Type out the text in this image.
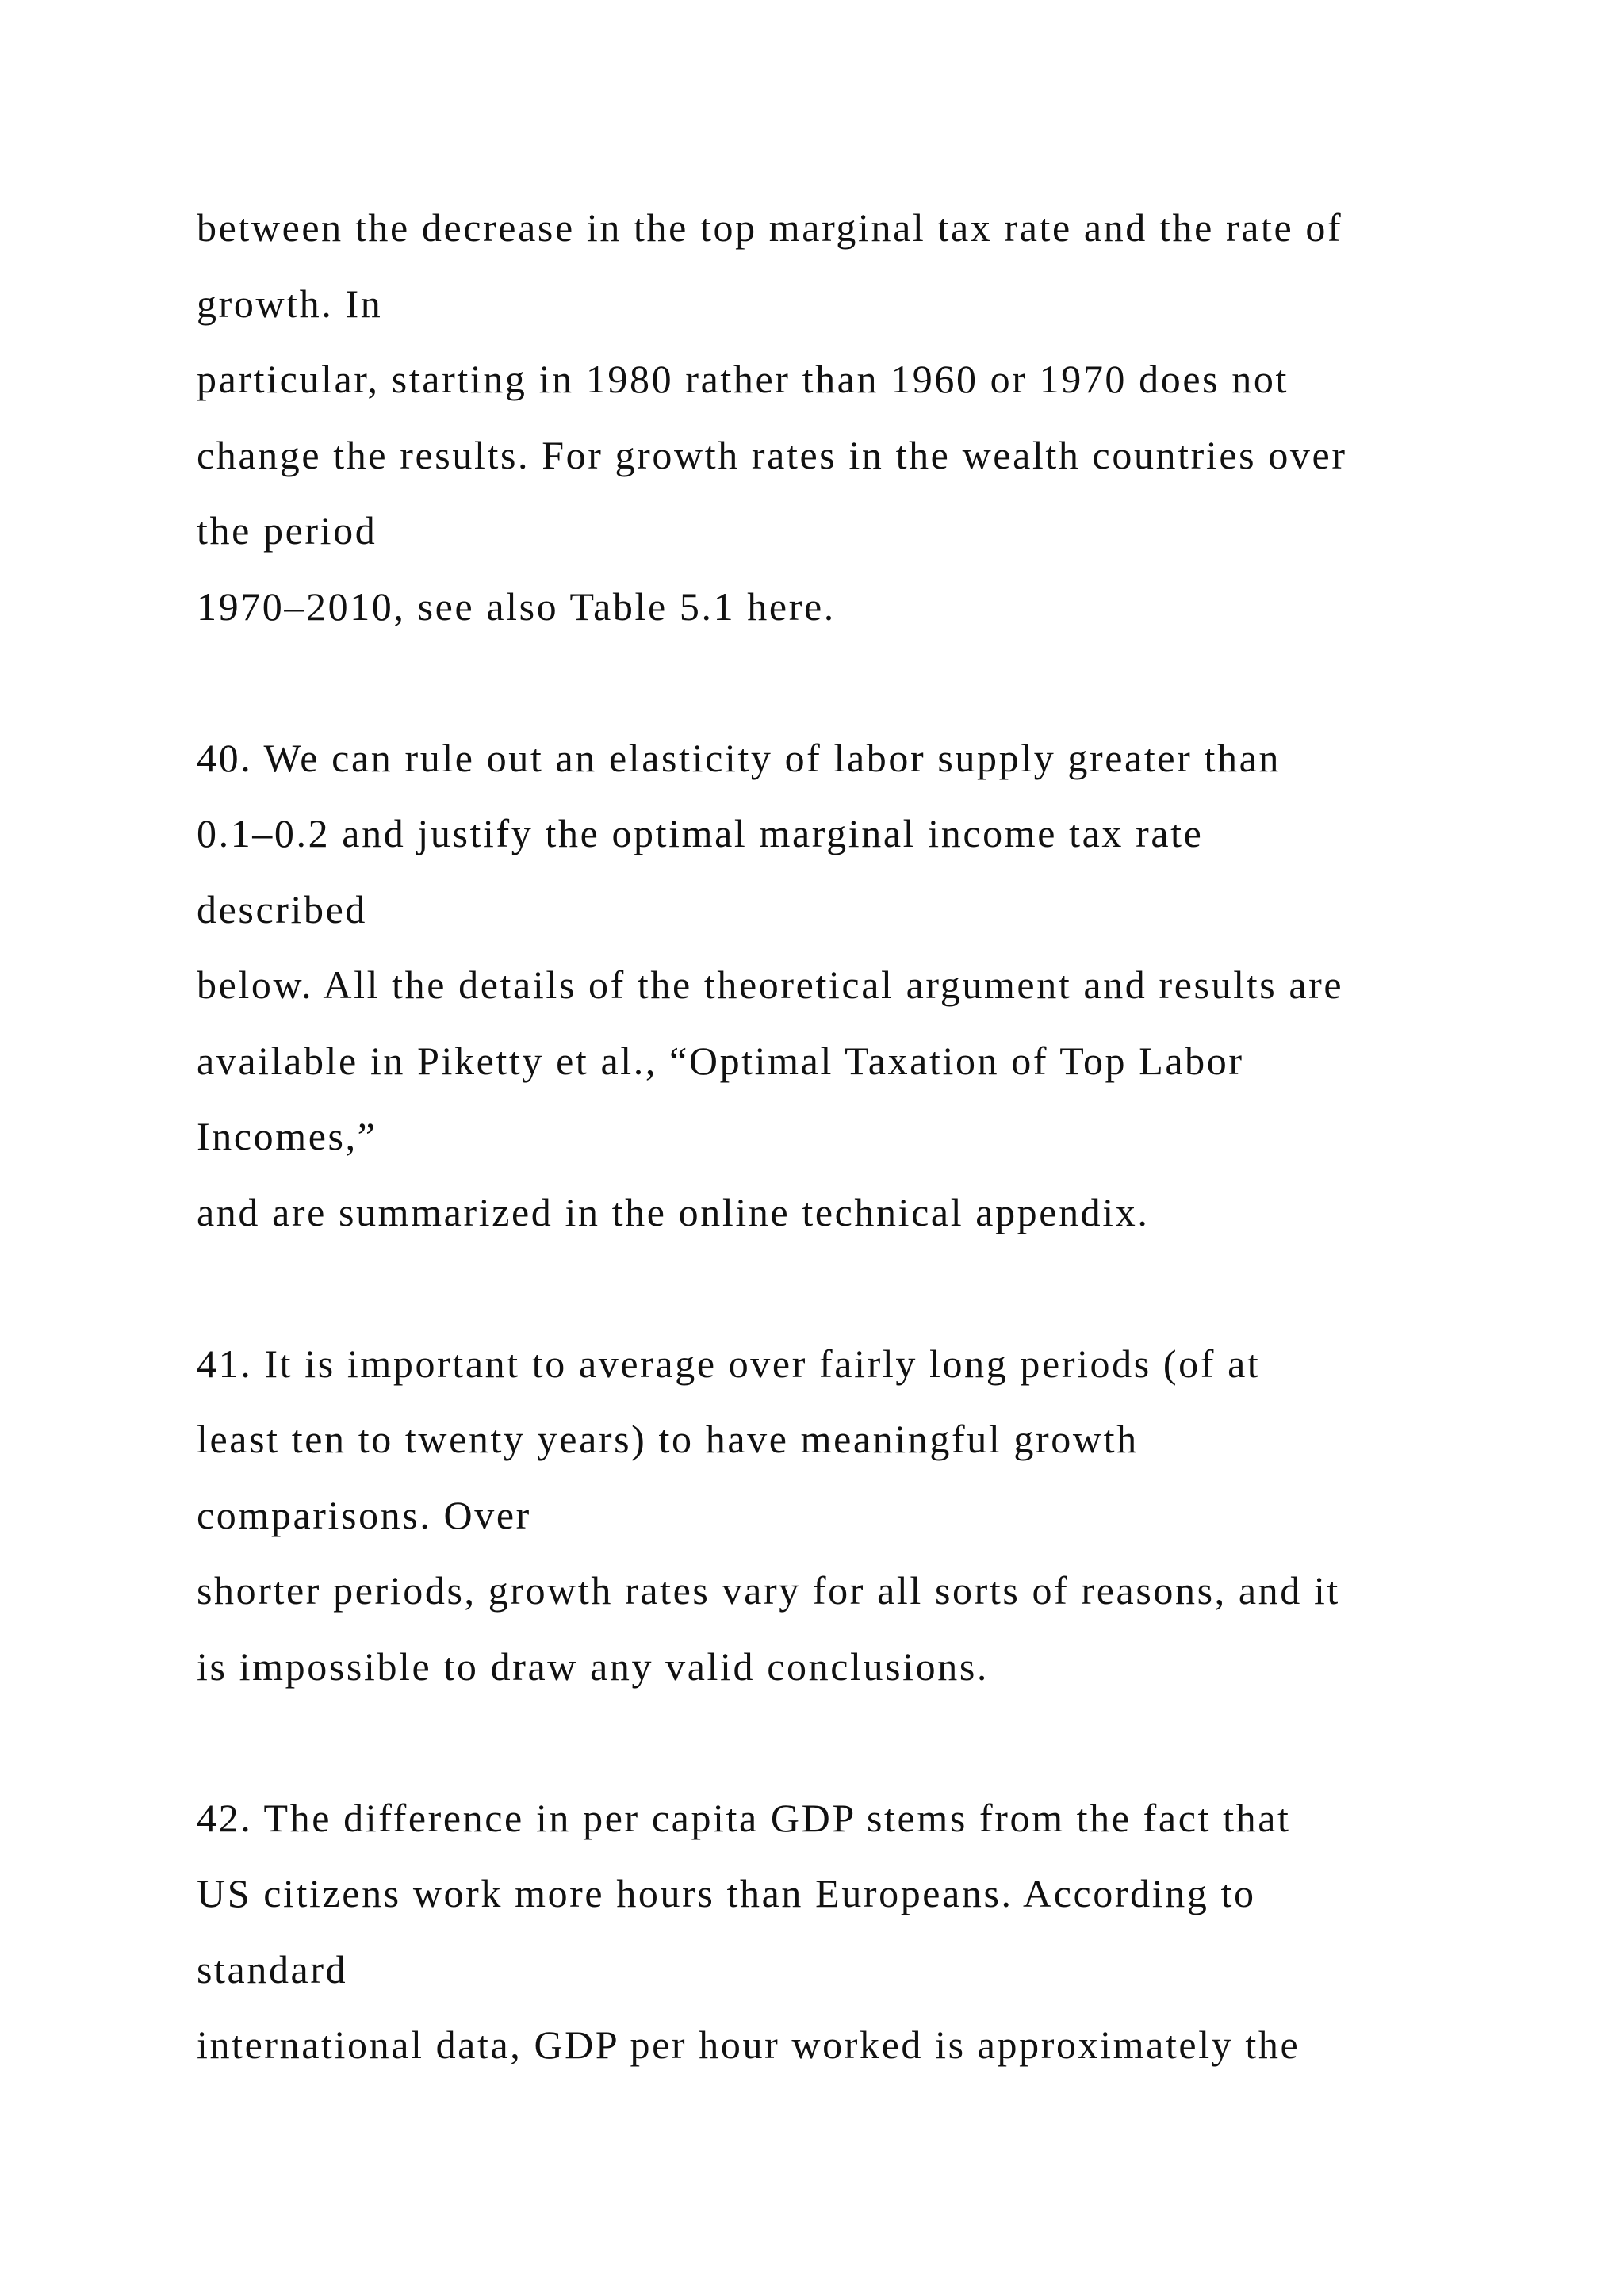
between the decrease in the top marginal tax rate and the rate of
growth. In
particular, starting in 1980 rather than 1960 or 1970 does not
change the results. For growth rates in the wealth countries over
the period
1970–2010, see also Table 5.1 here.
40. We can rule out an elasticity of labor supply greater than
0.1–0.2 and justify the optimal marginal income tax rate
described
below. All the details of the theoretical argument and results are
available in Piketty et al., “Optimal Taxation of Top Labor
Incomes,”
and are summarized in the online technical appendix.
41. It is important to average over fairly long periods (of at
least ten to twenty years) to have meaningful growth
comparisons. Over
shorter periods, growth rates vary for all sorts of reasons, and it
is impossible to draw any valid conclusions.
42. The difference in per capita GDP stems from the fact that
US citizens work more hours than Europeans. According to
standard
international data, GDP per hour worked is approximately the
